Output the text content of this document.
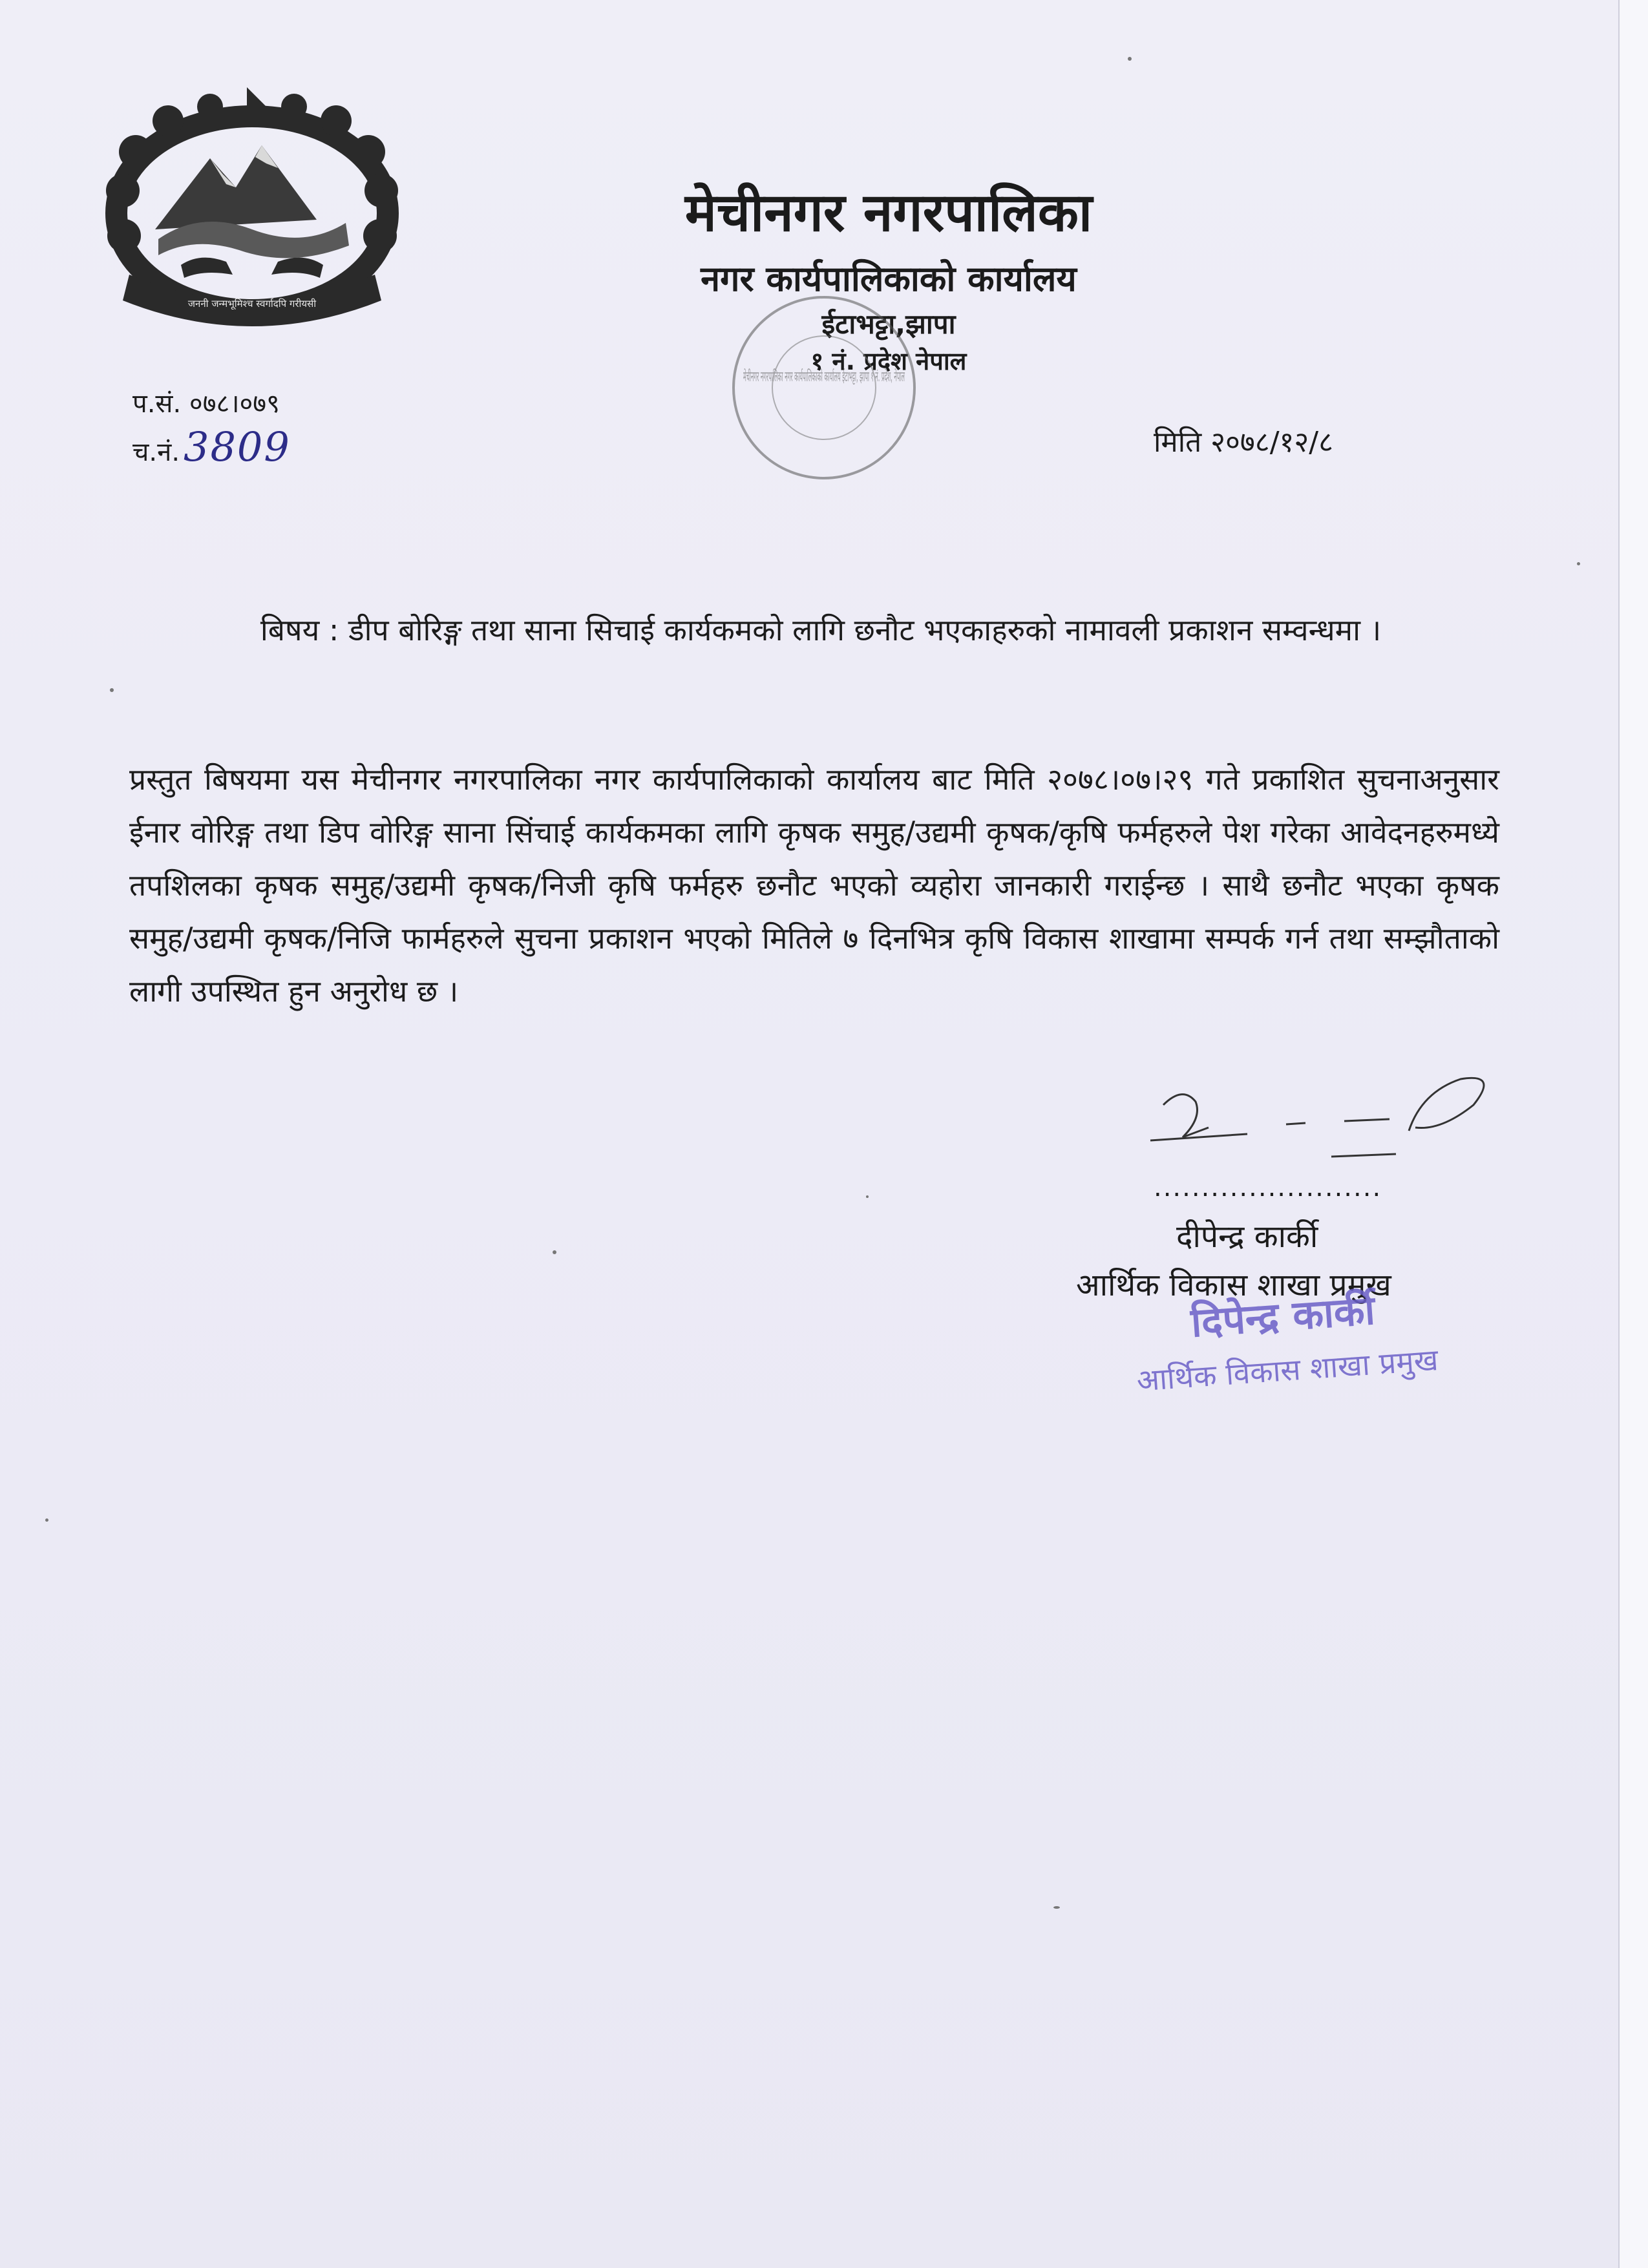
जननी जन्मभूमिश्च स्वर्गादपि गरीयसी
मेचीनगर नगरपालिका
नगर कार्यपालिकाको कार्यालय
ईटाभट्टा,झापा
१ नं. प्रदेश नेपाल
मेचीनगर नगरपालिका नगर कार्यपालिकाको कार्यालय ईटाभट्टा, झापा १ नं. प्रदेश, नेपाल
प.सं. ०७८।०७९
च.नं.3809	मिति २०७८/१२/८
बिषय : डीप बोरिङ्ग तथा साना सिचाई कार्यकमको लागि छनौट भएकाहरुको नामावली प्रकाशन सम्वन्धमा ।
प्रस्तुत बिषयमा यस मेचीनगर नगरपालिका नगर कार्यपालिकाको कार्यालय बाट मिति २०७८।०७।२९ गते प्रकाशित सुचनाअनुसार ईनार वोरिङ्ग तथा डिप वोरिङ्ग साना सिंचाई कार्यकमका लागि कृषक समुह/उद्यमी कृषक/कृषि फर्महरुले पेश गरेका आवेदनहरुमध्ये तपशिलका कृषक समुह/उद्यमी कृषक/निजी कृषि फर्महरु छनौट भएको व्यहोरा जानकारी गराईन्छ । साथै छनौट भएका कृषक समुह/उद्यमी कृषक/निजि फार्महरुले सुचना प्रकाशन भएको मितिले ७ दिनभित्र कृषि विकास शाखामा सम्पर्क गर्न तथा सम्झौताको लागी उपस्थित हुन अनुरोध छ ।
........................
दीपेन्द्र कार्की
आर्थिक विकास शाखा प्रमुख
दिपेन्द्र कार्की
आर्थिक विकास शाखा प्रमुख
